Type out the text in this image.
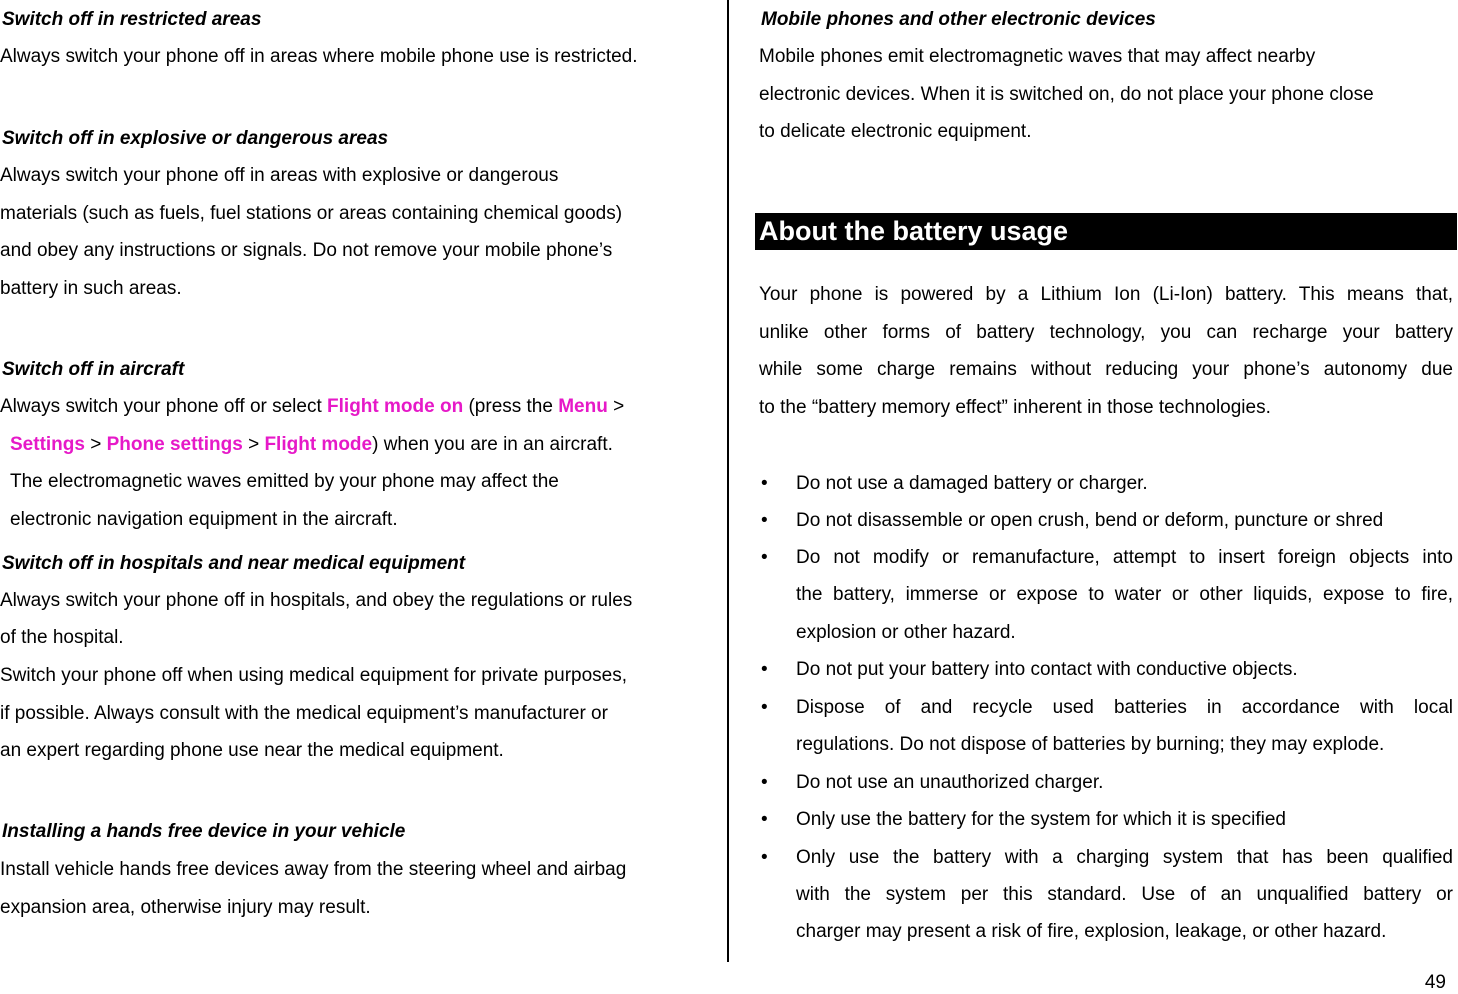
Switch off in restricted areas
Always switch your phone off in areas where mobile phone use is restricted.
Switch off in explosive or dangerous areas
Always switch your phone off in areas with explosive or dangerous
materials (such as fuels, fuel stations or areas containing chemical goods)
and obey any instructions or signals. Do not remove your mobile phone’s
battery in such areas.
Switch off in aircraft
Always switch your phone off or select Flight mode on (press the Menu >
Settings > Phone settings > Flight mode) when you are in an aircraft.
The electromagnetic waves emitted by your phone may affect the
electronic navigation equipment in the aircraft.
Switch off in hospitals and near medical equipment
Always switch your phone off in hospitals, and obey the regulations or rules
of the hospital.
Switch your phone off when using medical equipment for private purposes,
if possible. Always consult with the medical equipment’s manufacturer or
an expert regarding phone use near the medical equipment.
Installing a hands free device in your vehicle
Install vehicle hands free devices away from the steering wheel and airbag
expansion area, otherwise injury may result.
Mobile phones and other electronic devices
Mobile phones emit electromagnetic waves that may affect nearby
electronic devices. When it is switched on, do not place your phone close
to delicate electronic equipment.
About the battery usage
Your phone is powered by a Lithium Ion (Li-Ion) battery. This means that,
unlike other forms of battery technology, you can recharge your battery
while some charge remains without reducing your phone’s autonomy due
to the “battery memory effect” inherent in those technologies.
• Do not use a damaged battery or charger.
• Do not disassemble or open crush, bend or deform, puncture or shred
• Do not modify or remanufacture, attempt to insert foreign objects into
the battery, immerse or expose to water or other liquids, expose to fire,
explosion or other hazard.
• Do not put your battery into contact with conductive objects.
• Dispose of and recycle used batteries in accordance with local
regulations. Do not dispose of batteries by burning; they may explode.
• Do not use an unauthorized charger.
• Only use the battery for the system for which it is specified
• Only use the battery with a charging system that has been qualified
with the system per this standard. Use of an unqualified battery or
charger may present a risk of fire, explosion, leakage, or other hazard.
49
